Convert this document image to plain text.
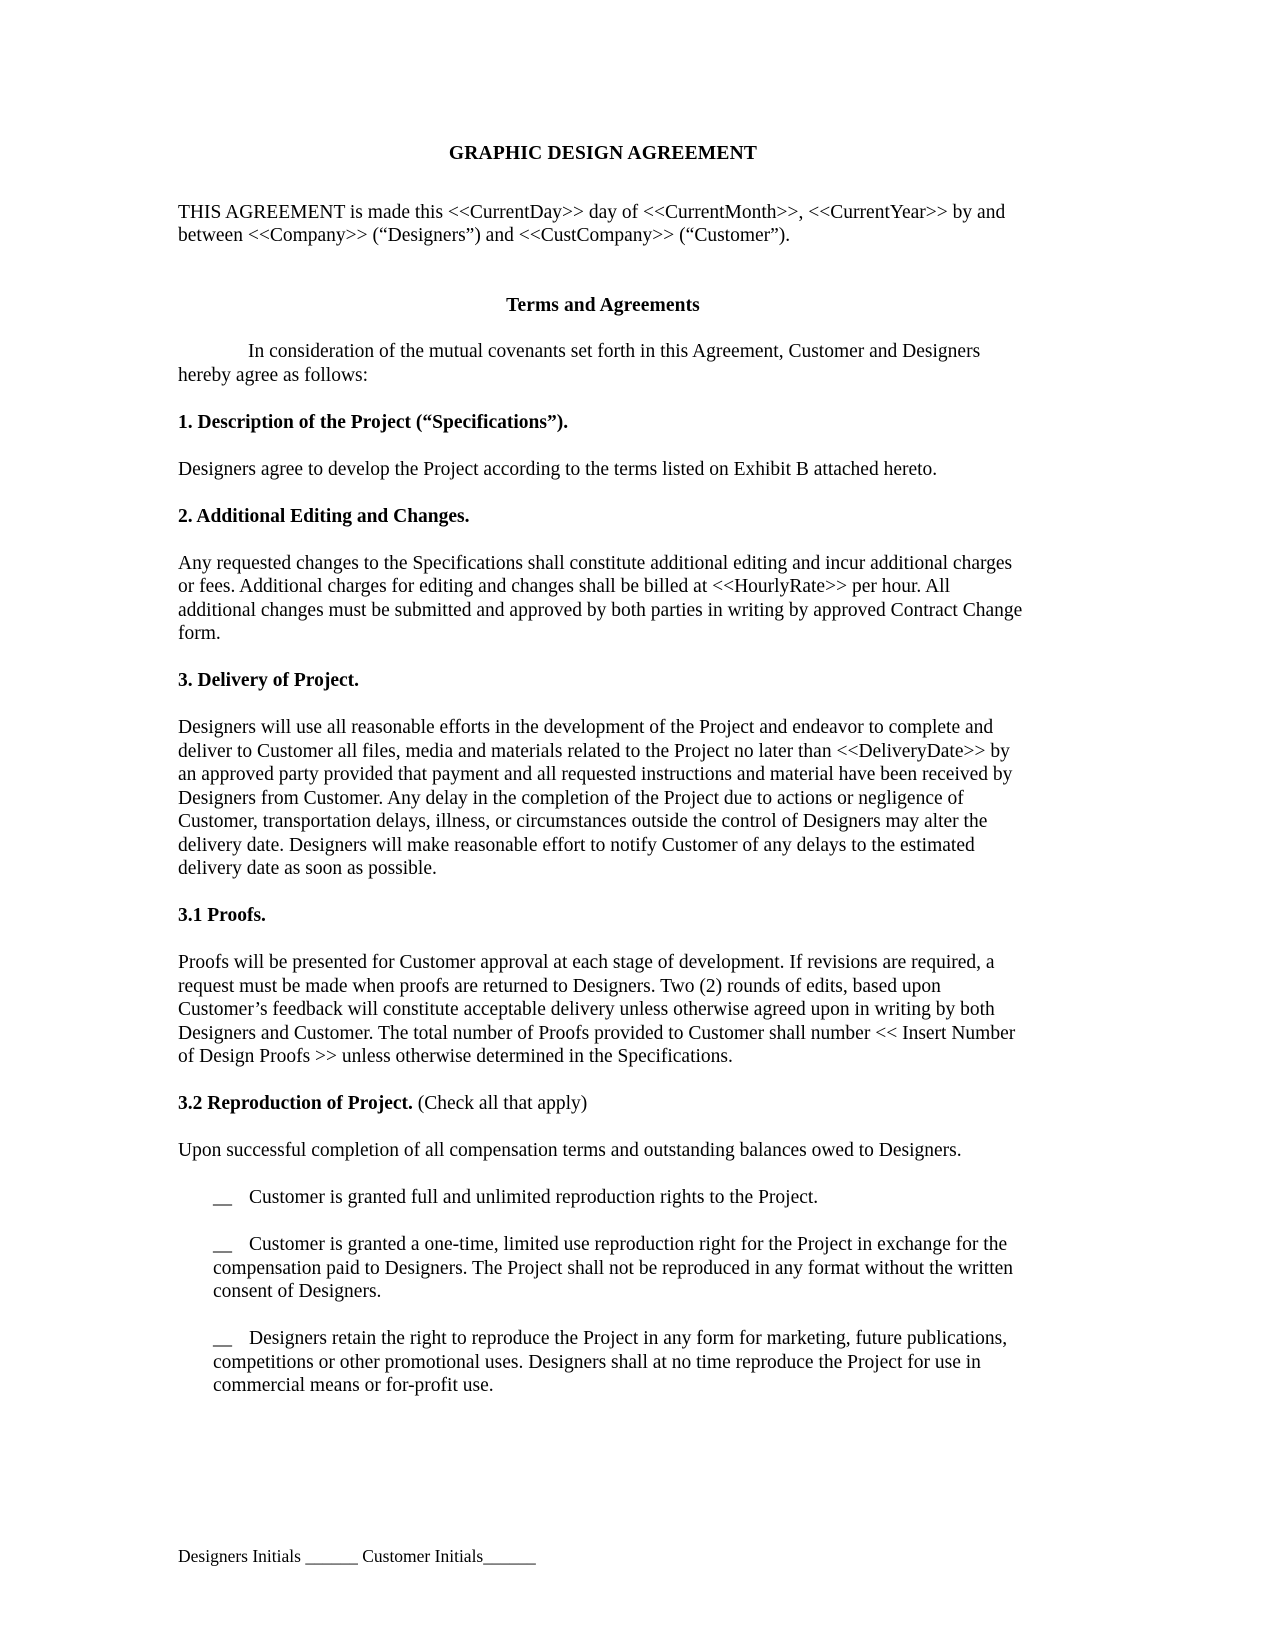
GRAPHIC DESIGN AGREEMENT

THIS AGREEMENT is made this <<CurrentDay>> day of <<CurrentMonth>>, <<CurrentYear>> by and between <<Company>> (“Designers”) and <<CustCompany>> (“Customer”).

Terms and Agreements

In consideration of the mutual covenants set forth in this Agreement, Customer and Designers hereby agree as follows:

1. Description of the Project (“Specifications”).

Designers agree to develop the Project according to the terms listed on Exhibit B attached hereto.

2. Additional Editing and Changes.

Any requested changes to the Specifications shall constitute additional editing and incur additional charges or fees. Additional charges for editing and changes shall be billed at <<HourlyRate>> per hour. All additional changes must be submitted and approved by both parties in writing by approved Contract Change form.

3. Delivery of Project.

Designers will use all reasonable efforts in the development of the Project and endeavor to complete and deliver to Customer all files, media and materials related to the Project no later than <<DeliveryDate>> by an approved party provided that payment and all requested instructions and material have been received by Designers from Customer. Any delay in the completion of the Project due to actions or negligence of Customer, transportation delays, illness, or circumstances outside the control of Designers may alter the delivery date. Designers will make reasonable effort to notify Customer of any delays to the estimated delivery date as soon as possible.

3.1 Proofs.

Proofs will be presented for Customer approval at each stage of development. If revisions are required, a request must be made when proofs are returned to Designers. Two (2) rounds of edits, based upon Customer’s feedback will constitute acceptable delivery unless otherwise agreed upon in writing by both Designers and Customer. The total number of Proofs provided to Customer shall number << Insert Number of Design Proofs >> unless otherwise determined in the Specifications.

3.2 Reproduction of Project. (Check all that apply)

Upon successful completion of all compensation terms and outstanding balances owed to Designers.

__ Customer is granted full and unlimited reproduction rights to the Project.

__ Customer is granted a one-time, limited use reproduction right for the Project in exchange for the compensation paid to Designers. The Project shall not be reproduced in any format without the written consent of Designers.

__ Designers retain the right to reproduce the Project in any form for marketing, future publications, competitions or other promotional uses. Designers shall at no time reproduce the Project for use in commercial means or for-profit use.

Designers Initials ______ Customer Initials______
